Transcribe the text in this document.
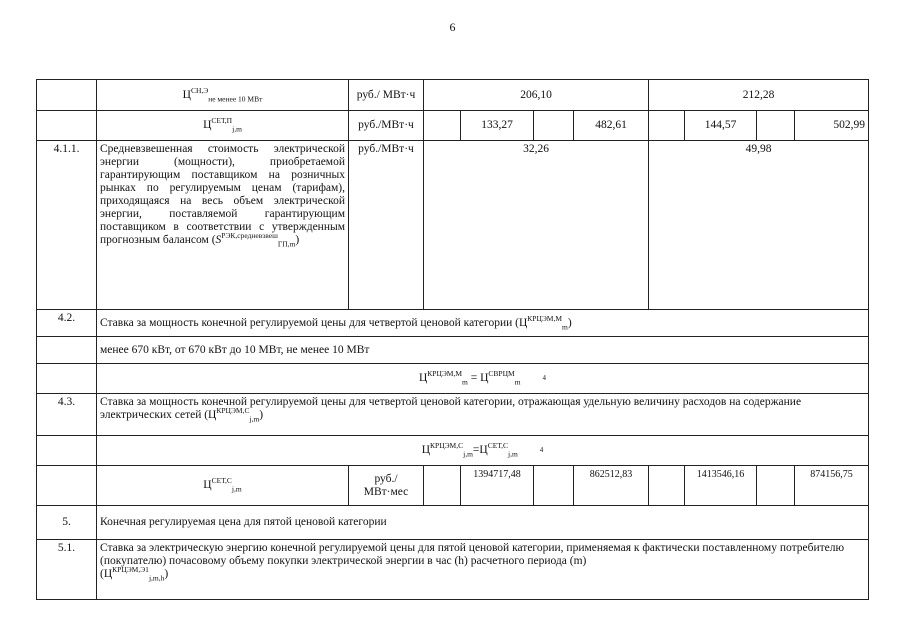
6
	$Ц^{СН,Э}_{не менее 10 МВт}$	руб./ МВт·ч	206,10				212,28			
	$Ц^{СЕТ,П}_{j,m}$	руб./МВт·ч		133,27		482,61		144,57		502,99
4.1.1.	Средневзвешенная стоимость электрической энергии (мощности), приобретаемой гарантирующим поставщиком на розничных рынках по регулируемым ценам (тарифам), приходящаяся на весь объем электрической энергии, поставляемой гарантирующим поставщиком в соответствии с утвержденным прогнозным балансом $(S^{РЭК,средневзвеш}_{ГП,m})$	руб./МВт·ч	32,26				49,98			
4.2.	Ставка за мощность конечной регулируемой цены для четвертой ценовой категории $(Ц^{КРЦЭМ,М}_m)$									
	менее 670 кВт, от 670 кВт до 10 МВт, не менее 10 МВт									
	$Ц^{КРЦЭМ,М}_m = Ц^{СВРЦМ}_m$ $^4$
4.3.	Ставка за мощность конечной регулируемой цены для четвертой ценовой категории, отражающая удельную величину расходов на содержание электрических сетей $(Ц^{КРЦЭМ,С}_{j,m})$									
	$Ц^{КРЦЭМ,С}_{j,m}=Ц^{СЕТ,С}_{j,m}$ $^4$
	$Ц^{СЕТ,С}_{j,m}$	руб./
МВт·мес		1394717,48		862512,83		1413546,16		874156,75
5.	Конечная регулируемая цена для пятой ценовой категории									
5.1.	Ставка за электрическую энергию конечной регулируемой цены для пятой ценовой категории, применяемая к фактически поставленному потребителю (покупателю) почасовому объему покупки электрической энергии в час (h) расчетного периода (m)
$(Ц^{КРЦЭМ,Э1}_{j,m,h})$									
